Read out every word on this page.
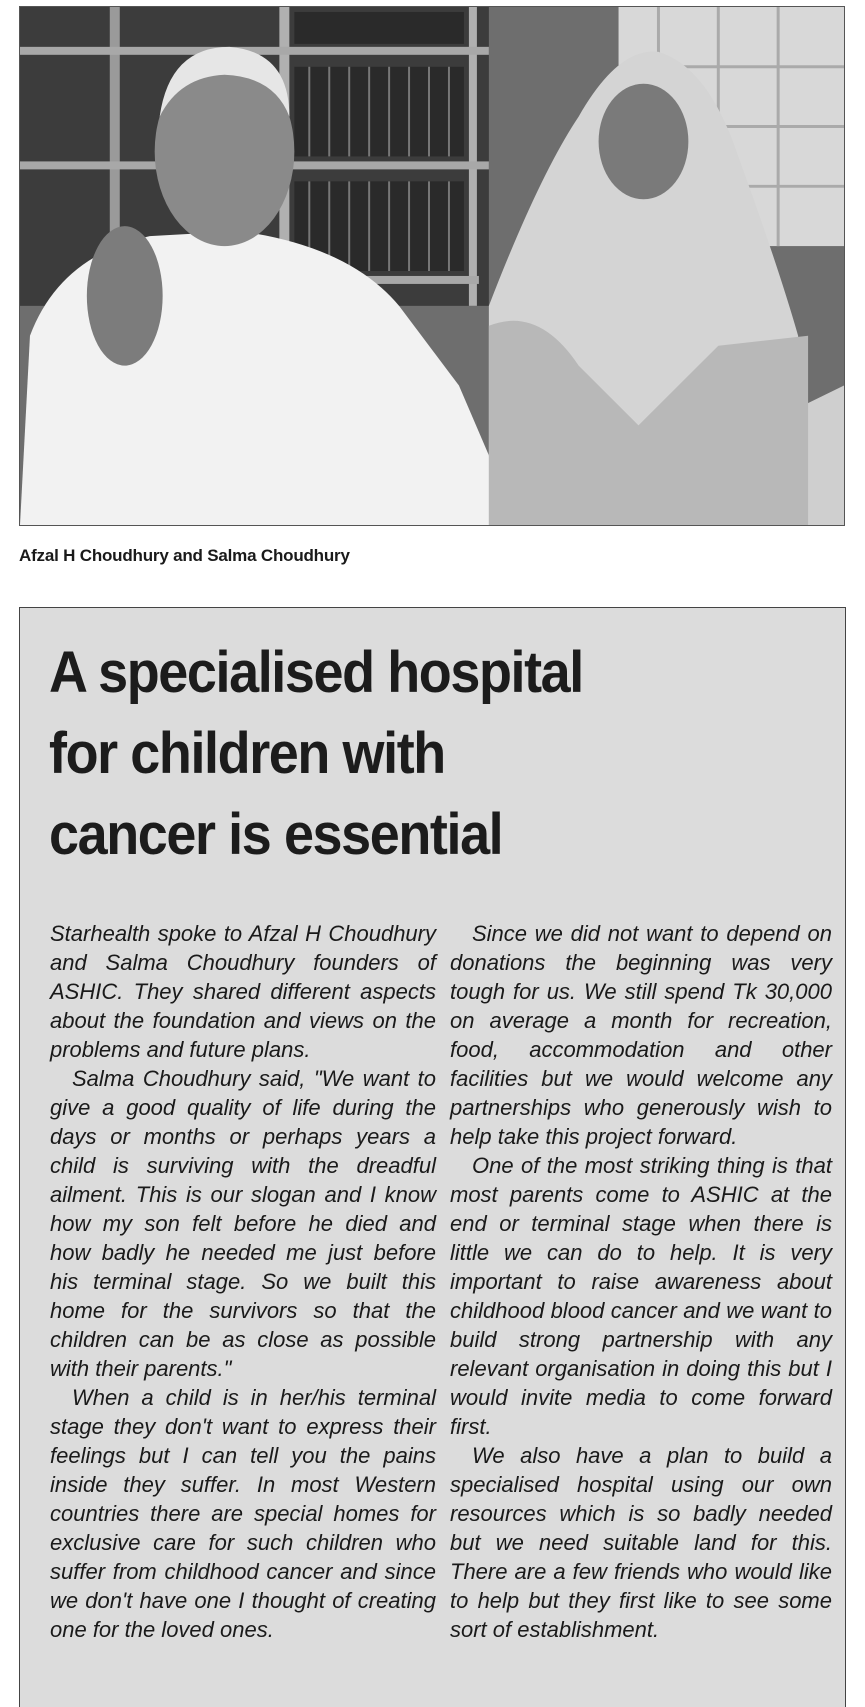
Afzal H Choudhury and Salma Choudhury
A specialised hospital
for children with
cancer is essential

Starhealth spoke to Afzal H Choudhury and Salma Choudhury founders of ASHIC. They shared different aspects about the foundation and views on the problems and future plans.

Salma Choudhury said, "We want to give a good quality of life during the days or months or perhaps years a child is surviving with the dreadful ailment. This is our slogan and I know how my son felt before he died and how badly he needed me just before his terminal stage. So we built this home for the survivors so that the children can be as close as possible with their parents."

When a child is in her/his terminal stage they don't want to express their feelings but I can tell you the pains inside they suffer. In most Western countries there are special homes for exclusive care for such children who suffer from childhood cancer and since we don't have one I thought of creating one for the loved ones.

Since we did not want to depend on donations the beginning was very tough for us. We still spend Tk 30,000 on average a month for recreation, food, accommodation and other facilities but we would welcome any partnerships who generously wish to help take this project forward.

One of the most striking thing is that most parents come to ASHIC at the end or terminal stage when there is little we can do to help. It is very important to raise awareness about childhood blood cancer and we want to build strong partnership with any relevant organisation in doing this but I would invite media to come forward first.

We also have a plan to build a specialised hospital using our own resources which is so badly needed but we need suitable land for this. There are a few friends who would like to help but they first like to see some sort of establishment.
